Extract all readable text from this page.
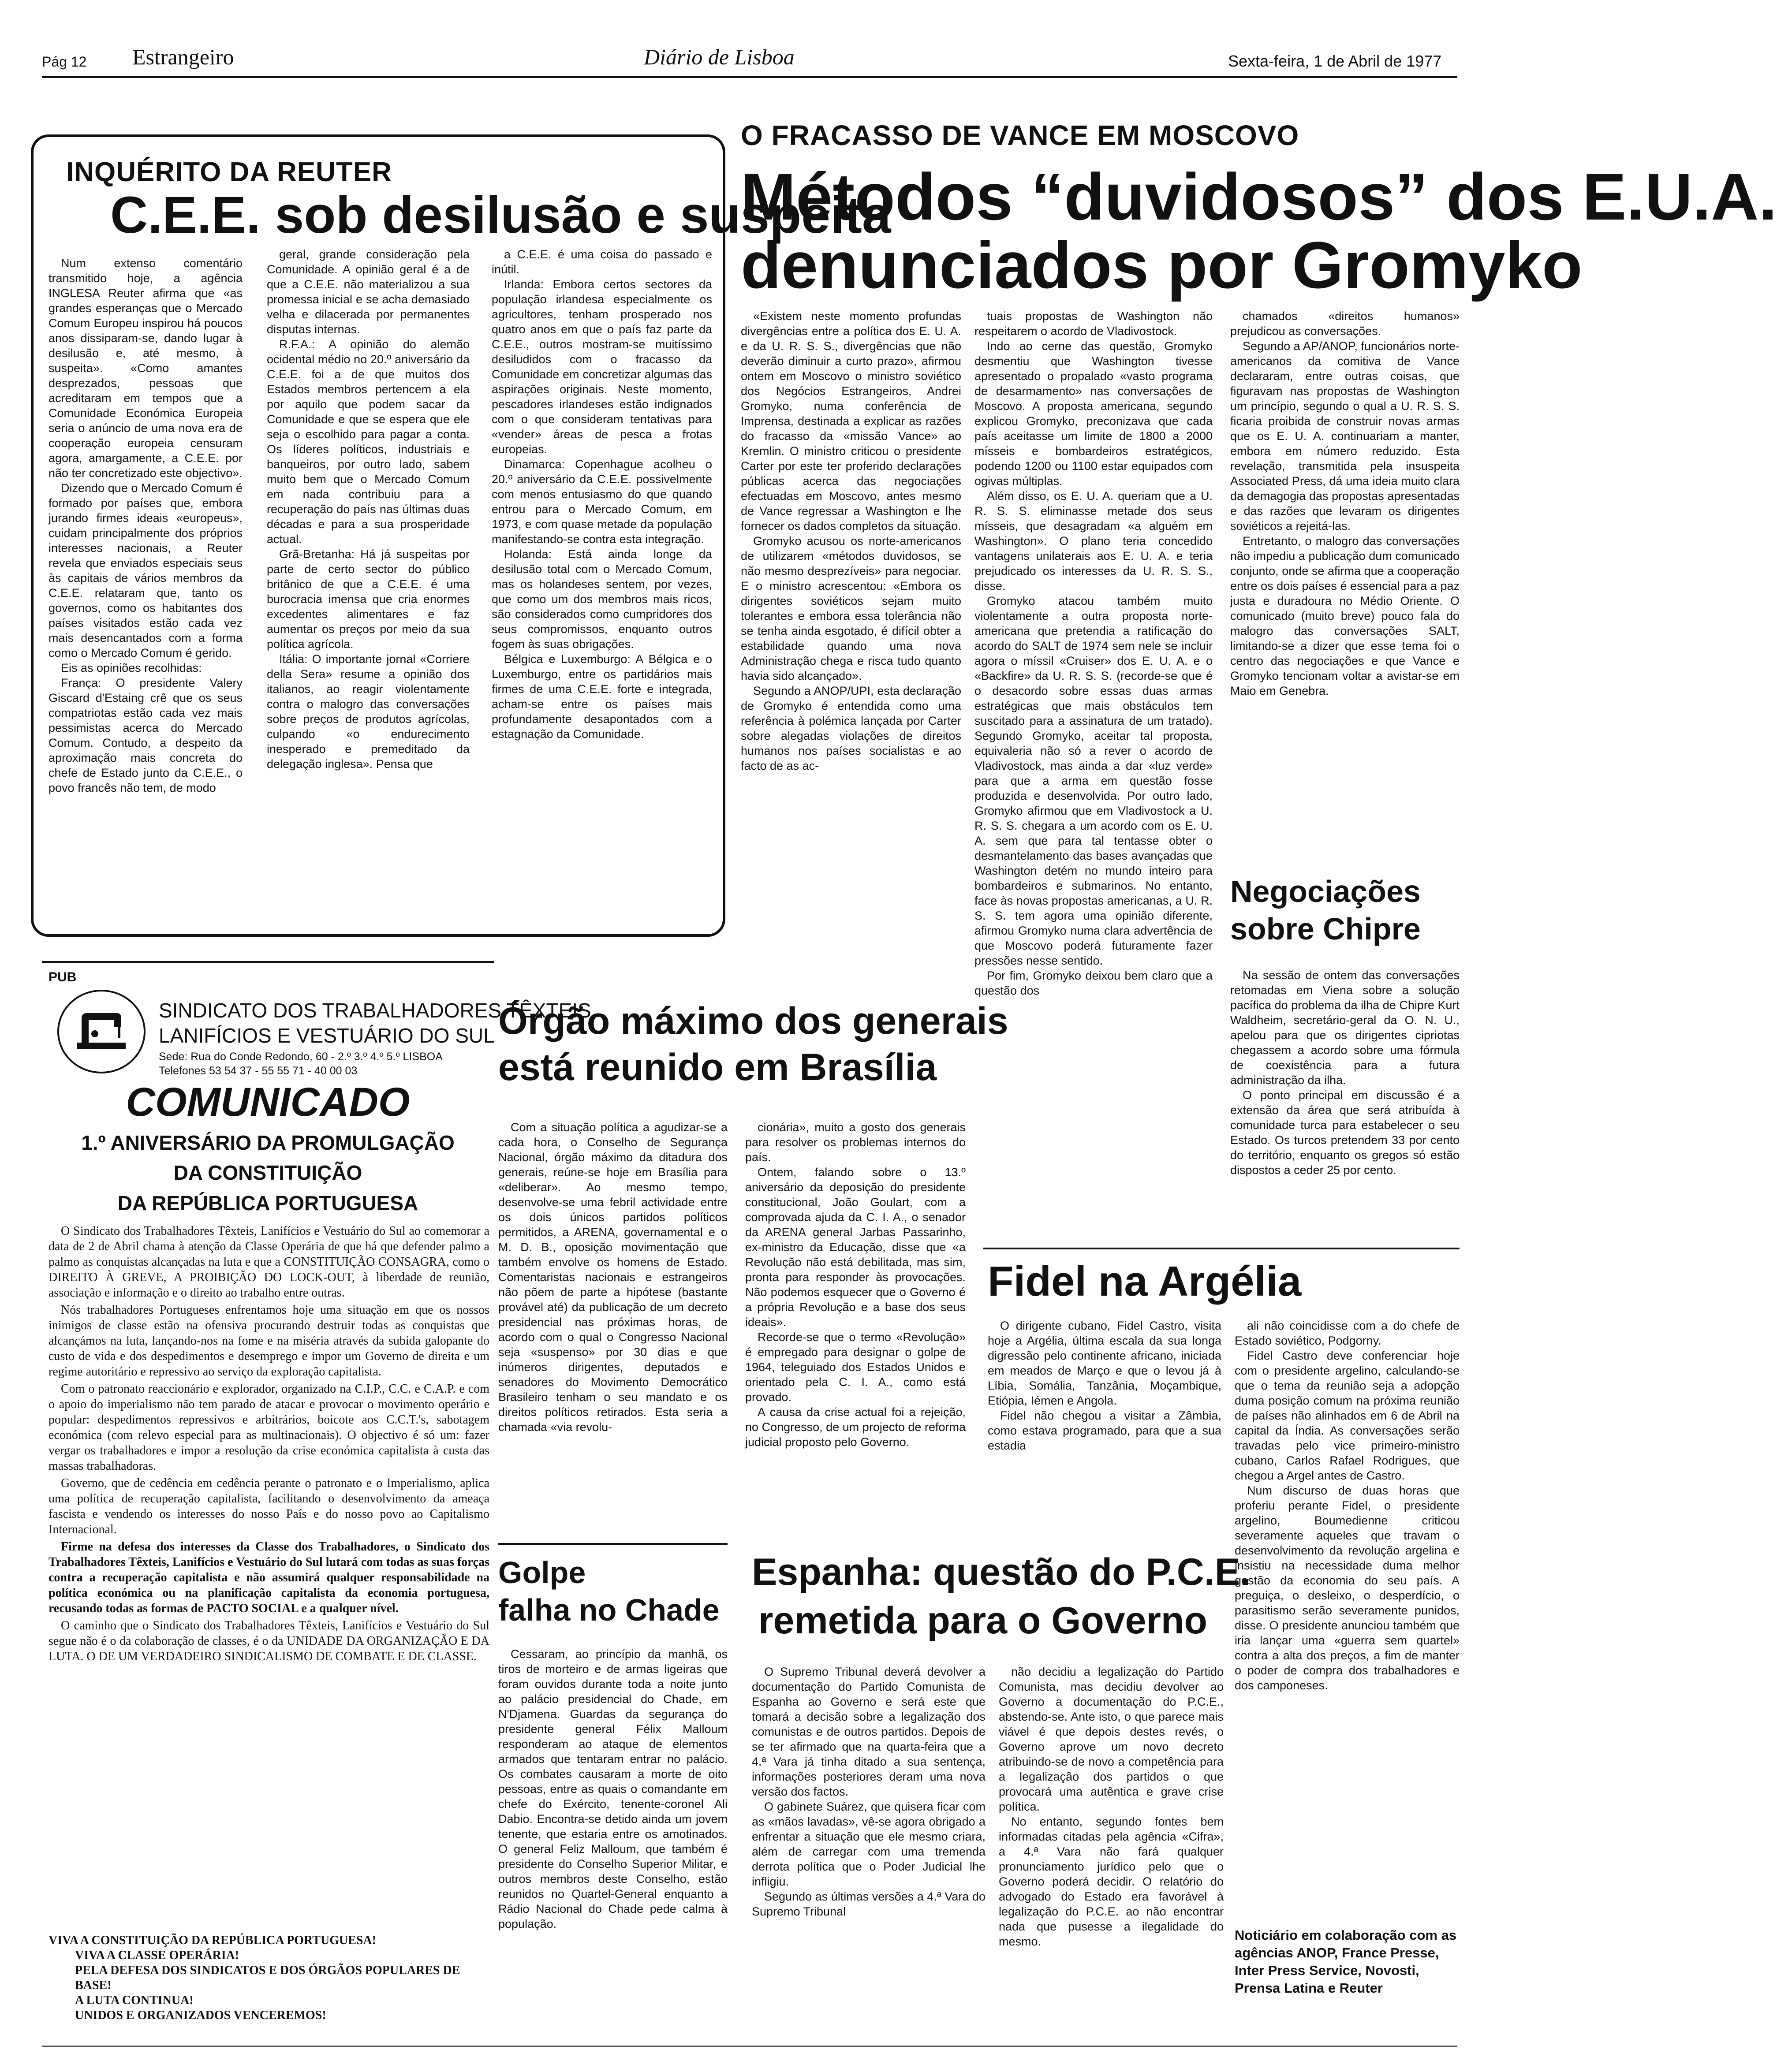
Pág 12 Estrangeiro	Diário de Lisboa	Sexta-feira, 1 de Abril de 1977
INQUÉRITO DA REUTER
C.E.E. sob desilusão e suspeita

Num extenso comentário transmitido hoje, a agência INGLESA Reuter afirma que «as grandes esperanças que o Mercado Comum Europeu inspirou há poucos anos dissiparam-se, dando lugar à desilusão e, até mesmo, à suspeita». «Como amantes desprezados, pessoas que acreditaram em tempos que a Comunidade Económica Europeia seria o anúncio de uma nova era de cooperação europeia censuram agora, amargamente, a C.E.E. por não ter concretizado este objectivo».

Dizendo que o Mercado Comum é formado por países que, embora jurando firmes ideais «europeus», cuidam principalmente dos próprios interesses nacionais, a Reuter revela que enviados especiais seus às capitais de vários membros da C.E.E. relataram que, tanto os governos, como os habitantes dos países visitados estão cada vez mais desencantados com a forma como o Mercado Comum é gerido.

Eis as opiniões recolhidas:

França: O presidente Valery Giscard d'Estaing crê que os seus compatriotas estão cada vez mais pessimistas acerca do Mercado Comum. Contudo, a despeito da aproximação mais concreta do chefe de Estado junto da C.E.E., o povo francês não tem, de modo

geral, grande consideração pela Comunidade. A opinião geral é a de que a C.E.E. não materializou a sua promessa inicial e se acha demasiado velha e dilacerada por permanentes disputas internas.

R.F.A.: A opinião do alemão ocidental médio no 20.º aniversário da C.E.E. foi a de que muitos dos Estados membros pertencem a ela por aquilo que podem sacar da Comunidade e que se espera que ele seja o escolhido para pagar a conta. Os líderes políticos, industriais e banqueiros, por outro lado, sabem muito bem que o Mercado Comum em nada contribuiu para a recuperação do país nas últimas duas décadas e para a sua prosperidade actual.

Grã-Bretanha: Há já suspeitas por parte de certo sector do público britânico de que a C.E.E. é uma burocracia imensa que cria enormes excedentes alimentares e faz aumentar os preços por meio da sua política agrícola.

Itália: O importante jornal «Corriere della Sera» resume a opinião dos italianos, ao reagir violentamente contra o malogro das conversações sobre preços de produtos agrícolas, culpando «o endurecimento inesperado e premeditado da delegação inglesa». Pensa que

a C.E.E. é uma coisa do passado e inútil.

Irlanda: Embora certos sectores da população irlandesa especialmente os agricultores, tenham prosperado nos quatro anos em que o país faz parte da C.E.E., outros mostram-se muitíssimo desiludidos com o fracasso da Comunidade em concretizar algumas das aspirações originais. Neste momento, pescadores irlandeses estão indignados com o que consideram tentativas para «vender» áreas de pesca a frotas europeias.

Dinamarca: Copenhague acolheu o 20.º aniversário da C.E.E. possivelmente com menos entusiasmo do que quando entrou para o Mercado Comum, em 1973, e com quase metade da população manifestando-se contra esta integração.

Holanda: Está ainda longe da desilusão total com o Mercado Comum, mas os holandeses sentem, por vezes, que como um dos membros mais ricos, são considerados como cumpridores dos seus compromissos, enquanto outros fogem às suas obrigações.

Bélgica e Luxemburgo: A Bélgica e o Luxemburgo, entre os partidários mais firmes de uma C.E.E. forte e integrada, acham-se entre os países mais profundamente desapontados com a estagnação da Comunidade.

O FRACASSO DE VANCE EM MOSCOVO
Métodos “duvidosos” dos E.U.A.
denunciados por Gromyko

«Existem neste momento profundas divergências entre a política dos E. U. A. e da U. R. S. S., divergências que não deverão diminuir a curto prazo», afirmou ontem em Moscovo o ministro soviético dos Negócios Estrangeiros, Andrei Gromyko, numa conferência de Imprensa, destinada a explicar as razões do fracasso da «missão Vance» ao Kremlin. O ministro criticou o presidente Carter por este ter proferido declarações públicas acerca das negociações efectuadas em Moscovo, antes mesmo de Vance regressar a Washington e lhe fornecer os dados completos da situação.

Gromyko acusou os norte-americanos de utilizarem «métodos duvidosos, se não mesmo desprezíveis» para negociar. E o ministro acrescentou: «Embora os dirigentes soviéticos sejam muito tolerantes e embora essa tolerância não se tenha ainda esgotado, é difícil obter a estabilidade quando uma nova Administração chega e risca tudo quanto havia sido alcançado».

Segundo a ANOP/UPI, esta declaração de Gromyko é entendida como uma referência à polémica lançada por Carter sobre alegadas violações de direitos humanos nos países socialistas e ao facto de as ac-

tuais propostas de Washington não respeitarem o acordo de Vladivostock.

Indo ao cerne das questão, Gromyko desmentiu que Washington tivesse apresentado o propalado «vasto programa de desarmamento» nas conversações de Moscovo. A proposta americana, segundo explicou Gromyko, preconizava que cada país aceitasse um limite de 1800 a 2000 mísseis e bombardeiros estratégicos, podendo 1200 ou 1100 estar equipados com ogivas múltiplas.

Além disso, os E. U. A. queriam que a U. R. S. S. eliminasse metade dos seus mísseis, que desagradam «a alguém em Washington». O plano teria concedido vantagens unilaterais aos E. U. A. e teria prejudicado os interesses da U. R. S. S., disse.

Gromyko atacou também muito violentamente a outra proposta norte-americana que pretendia a ratificação do acordo do SALT de 1974 sem nele se incluir agora o míssil «Cruiser» dos E. U. A. e o «Backfire» da U. R. S. S. (recorde-se que é o desacordo sobre essas duas armas estratégicas que mais obstáculos tem suscitado para a assinatura de um tratado). Segundo Gromyko, aceitar tal proposta, equivaleria não só a rever o acordo de Vladivostock, mas ainda a dar «luz verde» para que a arma em questão fosse produzida e desenvolvida. Por outro lado, Gromyko afirmou que em Vladivostock a U. R. S. S. chegara a um acordo com os E. U. A. sem que para tal tentasse obter o desmantelamento das bases avançadas que Washington detém no mundo inteiro para bombardeiros e submarinos. No entanto, face às novas propostas americanas, a U. R. S. S. tem agora uma opinião diferente, afirmou Gromyko numa clara advertência de que Moscovo poderá futuramente fazer pressões nesse sentido.

Por fim, Gromyko deixou bem claro que a questão dos

chamados «direitos humanos» prejudicou as conversações.

Segundo a AP/ANOP, funcionários norte-americanos da comitiva de Vance declararam, entre outras coisas, que figuravam nas propostas de Washington um princípio, segundo o qual a U. R. S. S. ficaria proibida de construir novas armas que os E. U. A. continuariam a manter, embora em número reduzido. Esta revelação, transmitida pela insuspeita Associated Press, dá uma ideia muito clara da demagogia das propostas apresentadas e das razões que levaram os dirigentes soviéticos a rejeitá-las.

Entretanto, o malogro das conversações não impediu a publicação dum comunicado conjunto, onde se afirma que a cooperação entre os dois países é essencial para a paz justa e duradoura no Médio Oriente. O comunicado (muito breve) pouco fala do malogro das conversações SALT, limitando-se a dizer que esse tema foi o centro das negociações e que Vance e Gromyko tencionam voltar a avistar-se em Maio em Genebra.

Negociações
sobre Chipre

Na sessão de ontem das conversações retomadas em Viena sobre a solução pacífica do problema da ilha de Chipre Kurt Waldheim, secretário-geral da O. N. U., apelou para que os dirigentes cipriotas chegassem a acordo sobre uma fórmula de coexistência para a futura administração da ilha.

O ponto principal em discussão é a extensão da área que será atribuída à comunidade turca para estabelecer o seu Estado. Os turcos pretendem 33 por cento do território, enquanto os gregos só estão dispostos a ceder 25 por cento.

PUB
SINDICATO DOS TRABALHADORES TÊXTEIS,
LANIFÍCIOS E VESTUÁRIO DO SUL
Sede: Rua do Conde Redondo, 60 - 2.º 3.º 4.º 5.º LISBOA
Telefones 53 54 37 - 55 55 71 - 40 00 03
COMUNICADO
1.º ANIVERSÁRIO DA PROMULGAÇÃO
DA CONSTITUIÇÃO
DA REPÚBLICA PORTUGUESA

O Sindicato dos Trabalhadores Têxteis, Lanifícios e Vestuário do Sul ao comemorar a data de 2 de Abril chama à atenção da Classe Operária de que há que defender palmo a palmo as conquistas alcançadas na luta e que a CONSTITUIÇÃO CONSAGRA, como o DIREITO À GREVE, A PROIBIÇÃO DO LOCK-OUT, à liberdade de reunião, associação e informação e o direito ao trabalho entre outras.

Nós trabalhadores Portugueses enfrentamos hoje uma situação em que os nossos inimigos de classe estão na ofensiva procurando destruir todas as conquistas que alcançámos na luta, lançando-nos na fome e na miséria através da subida galopante do custo de vida e dos despedimentos e desemprego e impor um Governo de direita e um regime autoritário e repressivo ao serviço da exploração capitalista.

Com o patronato reaccionário e explorador, organizado na C.I.P., C.C. e C.A.P. e com o apoio do imperialismo não tem parado de atacar e provocar o movimento operário e popular: despedimentos repressivos e arbitrários, boicote aos C.C.T.'s, sabotagem económica (com relevo especial para as multinacionais). O objectivo é só um: fazer vergar os trabalhadores e impor a resolução da crise económica capitalista à custa das massas trabalhadoras.

Governo, que de cedência em cedência perante o patronato e o Imperialismo, aplica uma política de recuperação capitalista, facilitando o desenvolvimento da ameaça fascista e vendendo os interesses do nosso País e do nosso povo ao Capitalismo Internacional.

Firme na defesa dos interesses da Classe dos Trabalhadores, o Sindicato dos Trabalhadores Têxteis, Lanifícios e Vestuário do Sul lutará com todas as suas forças contra a recuperação capitalista e não assumirá qualquer responsabilidade na política económica ou na planificação capitalista da economia portuguesa, recusando todas as formas de PACTO SOCIAL e a qualquer nível.

O caminho que o Sindicato dos Trabalhadores Têxteis, Lanifícios e Vestuário do Sul segue não é o da colaboração de classes, é o da UNIDADE DA ORGANIZAÇÃO E DA LUTA. O DE UM VERDADEIRO SINDICALISMO DE COMBATE E DE CLASSE.

VIVA A CONSTITUIÇÃO DA REPÚBLICA PORTUGUESA!
VIVA A CLASSE OPERÁRIA!
PELA DEFESA DOS SINDICATOS E DOS ÓRGÃOS POPULARES DE BASE!
A LUTA CONTINUA!
UNIDOS E ORGANIZADOS VENCEREMOS!
Órgão máximo dos generais
está reunido em Brasília

Com a situação política a agudizar-se a cada hora, o Conselho de Segurança Nacional, órgão máximo da ditadura dos generais, reúne-se hoje em Brasília para «deliberar». Ao mesmo tempo, desenvolve-se uma febril actividade entre os dois únicos partidos políticos permitidos, a ARENA, governamental e o M. D. B., oposição movimentação que também envolve os homens de Estado. Comentaristas nacionais e estrangeiros não põem de parte a hipótese (bastante provável até) da publicação de um decreto presidencial nas próximas horas, de acordo com o qual o Congresso Nacional seja «suspenso» por 30 dias e que inúmeros dirigentes, deputados e senadores do Movimento Democrático Brasileiro tenham o seu mandato e os direitos políticos retirados. Esta seria a chamada «via revolu-

cionária», muito a gosto dos generais para resolver os problemas internos do país.

Ontem, falando sobre o 13.º aniversário da deposição do presidente constitucional, João Goulart, com a comprovada ajuda da C. I. A., o senador da ARENA general Jarbas Passarinho, ex-ministro da Educação, disse que «a Revolução não está debilitada, mas sim, pronta para responder às provocações. Não podemos esquecer que o Governo é a própria Revolução e a base dos seus ideais».

Recorde-se que o termo «Revolução» é empregado para designar o golpe de 1964, teleguiado dos Estados Unidos e orientado pela C. I. A., como está provado.

A causa da crise actual foi a rejeição, no Congresso, de um projecto de reforma judicial proposto pelo Governo.

Fidel na Argélia

O dirigente cubano, Fidel Castro, visita hoje a Argélia, última escala da sua longa digressão pelo continente africano, iniciada em meados de Março e que o levou já à Líbia, Somália, Tanzânia, Moçambique, Etiópia, Iémen e Angola.

Fidel não chegou a visitar a Zâmbia, como estava programado, para que a sua estadia

ali não coincidisse com a do chefe de Estado soviético, Podgorny.

Fidel Castro deve conferenciar hoje com o presidente argelino, calculando-se que o tema da reunião seja a adopção duma posição comum na próxima reunião de países não alinhados em 6 de Abril na capital da Índia. As conversações serão travadas pelo vice primeiro-ministro cubano, Carlos Rafael Rodrigues, que chegou a Argel antes de Castro.

Num discurso de duas horas que proferiu perante Fidel, o presidente argelino, Boumedienne criticou severamente aqueles que travam o desenvolvimento da revolução argelina e insistiu na necessidade duma melhor gestão da economia do seu país. A preguiça, o desleixo, o desperdício, o parasitismo serão severamente punidos, disse. O presidente anunciou também que iria lançar uma «guerra sem quartel» contra a alta dos preços, a fim de manter o poder de compra dos trabalhadores e dos camponeses.

Noticiário em colaboração com as agências ANOP, France Presse, Inter Press Service, Novosti, Prensa Latina e Reuter
Golpe
falha no Chade

Cessaram, ao princípio da manhã, os tiros de morteiro e de armas ligeiras que foram ouvidos durante toda a noite junto ao palácio presidencial do Chade, em N'Djamena. Guardas da segurança do presidente general Félix Malloum responderam ao ataque de elementos armados que tentaram entrar no palácio. Os combates causaram a morte de oito pessoas, entre as quais o comandante em chefe do Exército, tenente-coronel Ali Dabio. Encontra-se detido ainda um jovem tenente, que estaria entre os amotinados. O general Feliz Malloum, que também é presidente do Conselho Superior Militar, e outros membros deste Conselho, estão reunidos no Quartel-General enquanto a Rádio Nacional do Chade pede calma à população.

Espanha: questão do P.C.E.
remetida para o Governo

O Supremo Tribunal deverá devolver a documentação do Partido Comunista de Espanha ao Governo e será este que tomará a decisão sobre a legalização dos comunistas e de outros partidos. Depois de se ter afirmado que na quarta-feira que a 4.ª Vara já tinha ditado a sua sentença, informações posteriores deram uma nova versão dos factos.

O gabinete Suárez, que quisera ficar com as «mãos lavadas», vê-se agora obrigado a enfrentar a situação que ele mesmo criara, além de carregar com uma tremenda derrota política que o Poder Judicial lhe infligiu.

Segundo as últimas versões a 4.ª Vara do Supremo Tribunal

não decidiu a legalização do Partido Comunista, mas decidiu devolver ao Governo a documentação do P.C.E., abstendo-se. Ante isto, o que parece mais viável é que depois destes revés, o Governo aprove um novo decreto atribuindo-se de novo a competência para a legalização dos partidos o que provocará uma autêntica e grave crise política.

No entanto, segundo fontes bem informadas citadas pela agência «Cifra», a 4.ª Vara não fará qualquer pronunciamento jurídico pelo que o Governo poderá decidir. O relatório do advogado do Estado era favorável à legalização do P.C.E. ao não encontrar nada que pusesse a ilegalidade do mesmo.
